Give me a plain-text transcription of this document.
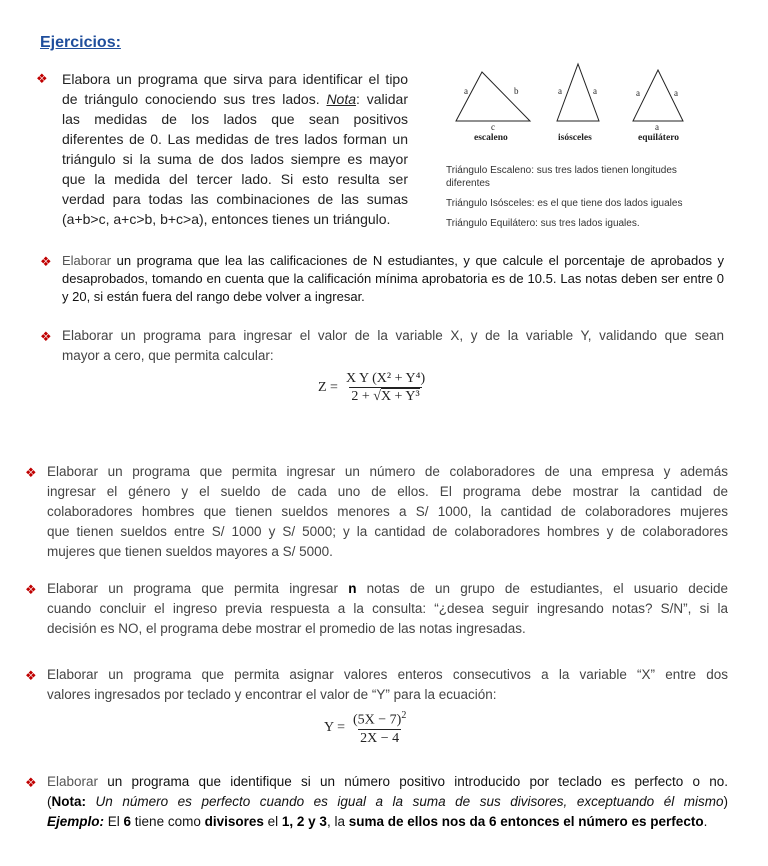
Ejercicios:
❖ Elabora un programa que sirva para identificar el tipo
de triángulo conociendo sus tres lados. Nota: validar
las medidas de los lados que sean positivos
diferentes de 0. Las medidas de tres lados forman un
triángulo si la suma de dos lados siempre es mayor
que la medida del tercer lado. Si esto resulta ser
verdad para todas las combinaciones de las sumas
(a+b>c, a+c>b, b+c>a), entonces tienes un triángulo.
a	b
c
escaleno
a	a
isósceles
a	a
a
equilátero
Triángulo Escaleno: sus tres lados tienen longitudes
diferentes
Triángulo Isósceles: es el que tiene dos lados iguales
Triángulo Equilátero: sus tres lados iguales.
❖ Elaborar un programa que lea las calificaciones de N estudiantes, y que calcule el porcentaje de aprobados y
desaprobados, tomando en cuenta que la calificación mínima aprobatoria es de 10.5. Las notas deben ser entre 0
y 20, si están fuera del rango debe volver a ingresar.
❖ Elaborar un programa para ingresar el valor de la variable X, y de la variable Y, validando que sean
mayor a cero, que permita calcular:
$Z = \frac{\text{X Y (X² + Y⁴)}}{\text{2 + √X + Y³}}$
❖ Elaborar un programa que permita ingresar un número de colaboradores de una empresa y además
ingresar el género y el sueldo de cada uno de ellos. El programa debe mostrar la cantidad de
colaboradores hombres que tienen sueldos menores a S/ 1000, la cantidad de colaboradores mujeres
que tienen sueldos entre S/ 1000 y S/ 5000; y la cantidad de colaboradores hombres y de colaboradores
mujeres que tienen sueldos mayores a S/ 5000.
❖ Elaborar un programa que permita ingresar n notas de un grupo de estudiantes, el usuario decide
cuando concluir el ingreso previa respuesta a la consulta: “¿desea seguir ingresando notas? S/N”, si la
decisión es NO, el programa debe mostrar el promedio de las notas ingresadas.
❖ Elaborar un programa que permita asignar valores enteros consecutivos a la variable “X” entre dos
valores ingresados por teclado y encontrar el valor de “Y” para la ecuación:
$Y = \frac{(5X - 7)^2}{2X - 4}$
❖ Elaborar un programa que identifique si un número positivo introducido por teclado es perfecto o no.
(Nota: Un número es perfecto cuando es igual a la suma de sus divisores, exceptuando él mismo)
Ejemplo: El 6 tiene como divisores el 1, 2 y 3, la suma de ellos nos da 6 entonces el número es perfecto.
